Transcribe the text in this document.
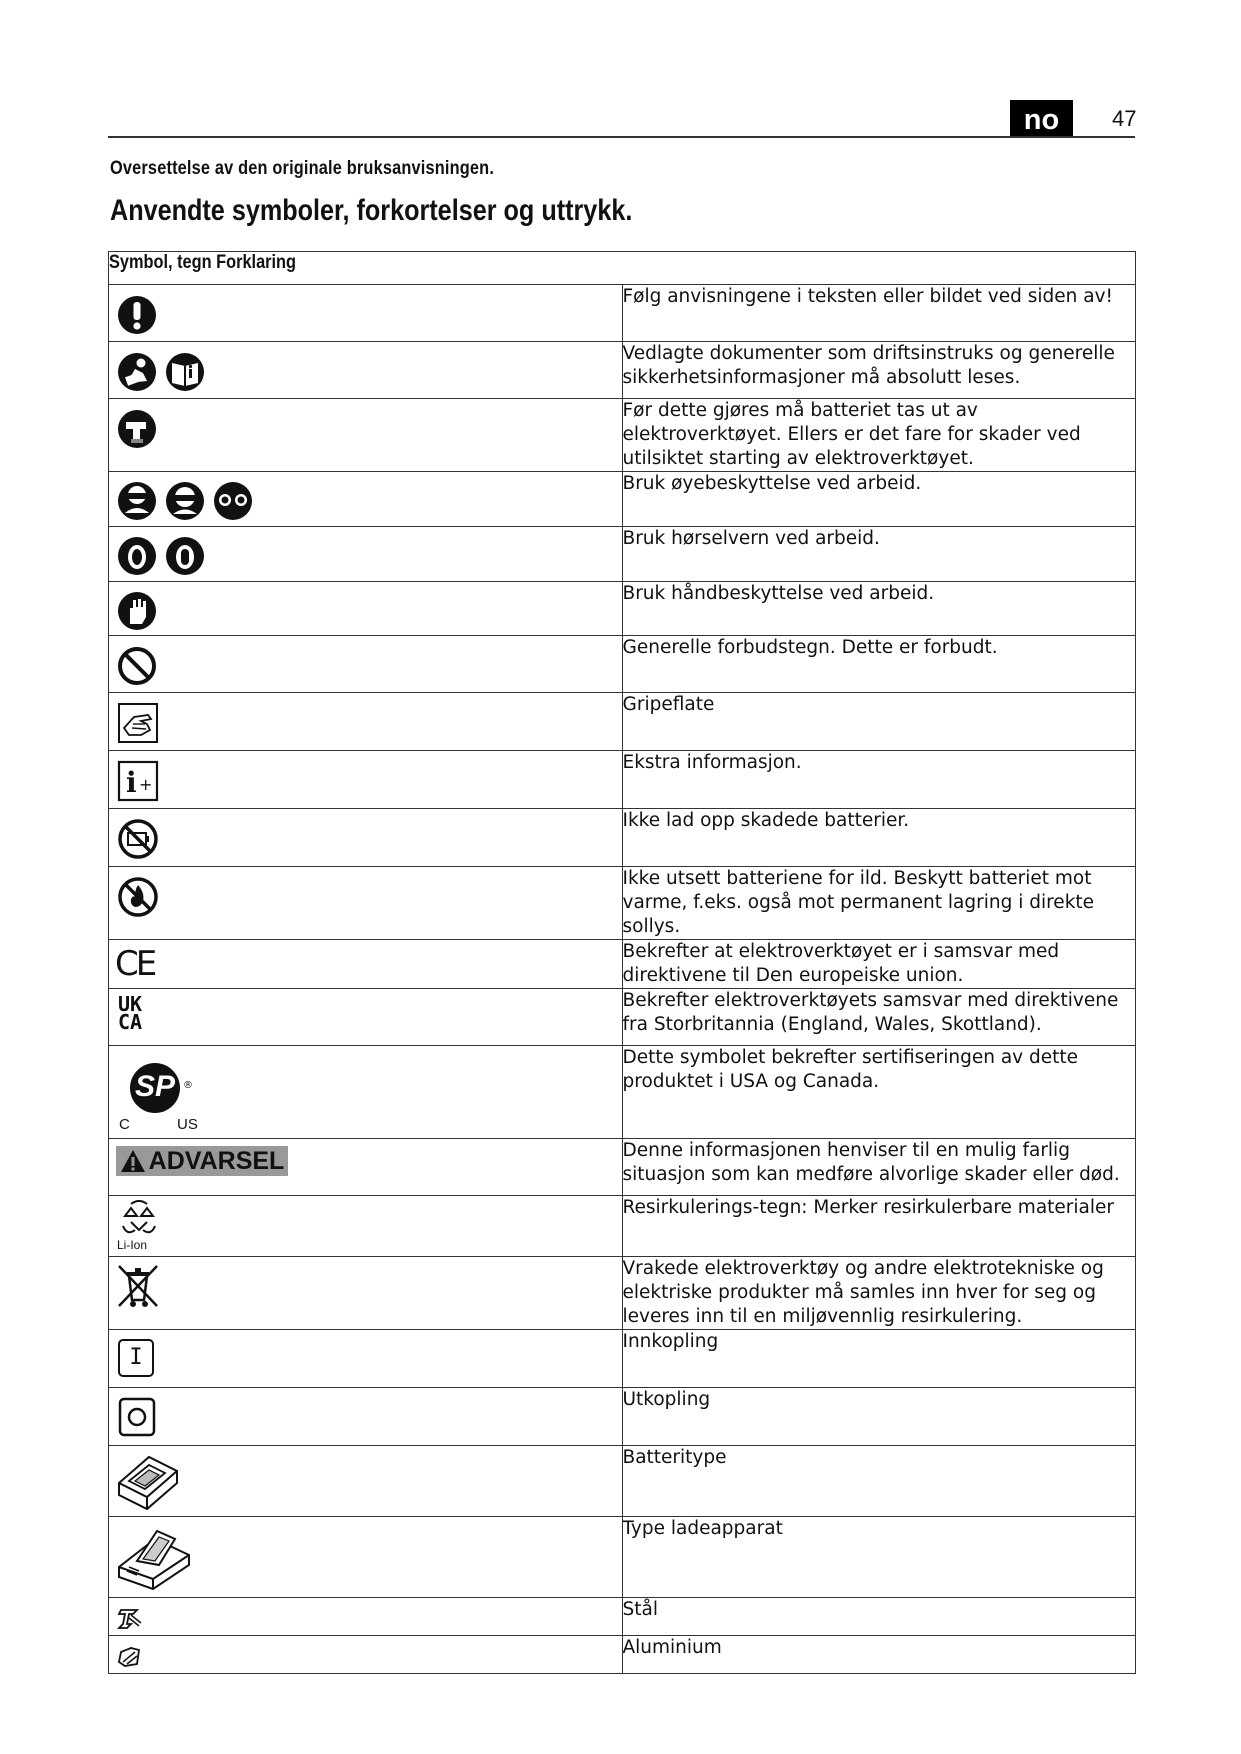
no	47
Oversettelse av den originale bruksanvisningen.
Anvendte symboler, forkortelser og uttrykk.
Symbol, tegn Forklaring	

	Følg anvisningene i teksten eller bildet ved siden av!

	Vedlagte dokumenter som driftsinstruks og generelle sikkerhetsinformasjoner må absolutt leses.

	Før dette gjøres må batteriet tas ut av elektroverktøyet. Ellers er det fare for skader ved utilsiktet starting av elektroverktøyet.

	Bruk øyebeskyttelse ved arbeid.

	Bruk hørselvern ved arbeid.

	Bruk håndbeskyttelse ved arbeid.

	Generelle forbudstegn. Dette er forbudt.

	Gripeflate

i +	Ekstra informasjon.

	Ikke lad opp skadede batterier.

	Ikke utsett batteriene for ild. Beskytt batteriet mot varme, f.eks. også mot permanent lagring i direkte sollys.

CE	Bekrefter at elektroverktøyet er i samsvar med direktivene til Den europeiske union.

UK
CA	Bekrefter elektroverktøyets samsvar med direktivene fra Storbritannia (England, Wales, Skottland).

SP ®
C US	Dette symbolet bekrefter sertifiseringen av dette produktet i USA og Canada.

ADVARSEL	Denne informasjonen henviser til en mulig farlig situasjon som kan medføre alvorlige skader eller død.

Li-Ion	Resirkulerings-tegn: Merker resirkulerbare materialer

	Vrakede elektroverktøy og andre elektrotekniske og elektriske produkter må samles inn hver for seg og leveres inn til en miljøvennlig resirkulering.

I	Innkopling

	Utkopling

	Batteritype

	Type ladeapparat

	Stål

	Aluminium
